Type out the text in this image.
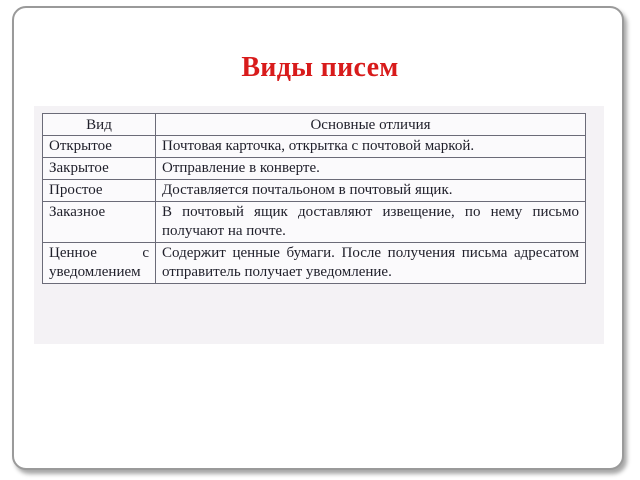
Виды писем
Вид	Основные отличия
Открытое	Почтовая карточка, открытка с почтовой маркой.
Закрытое	Отправление в конверте.
Простое	Доставляется почтальоном в почтовый ящик.
Заказное	В почтовый ящик доставляют извещение, по нему письмо получают на почте.
Ценное с уведомлением	Содержит ценные бумаги. После получения письма адресатом отправитель получает уведомление.
